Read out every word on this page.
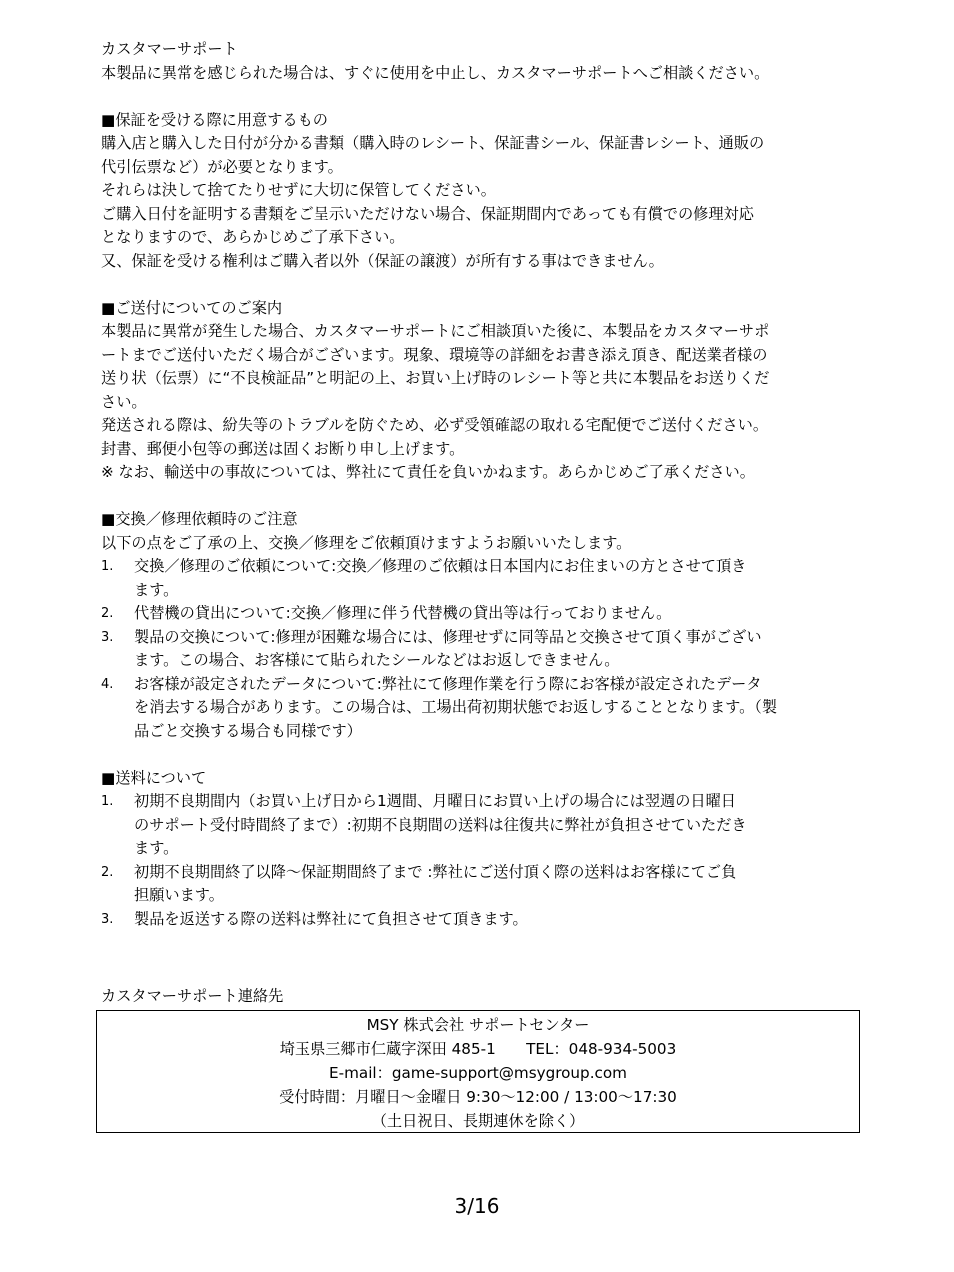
カスタマーサポート
本製品に異常を感じられた場合は、すぐに使用を中止し、カスタマーサポートへご相談ください。
■保証を受ける際に用意するもの
購入店と購入した日付が分かる書類（購入時のレシート、保証書シール、保証書レシート、通販の
代引伝票など）が必要となります。
それらは決して捨てたりせずに大切に保管してください。
ご購入日付を証明する書類をご呈示いただけない場合、保証期間内であっても有償での修理対応
となりますので、あらかじめご了承下さい。
又、保証を受ける権利はご購入者以外（保証の譲渡）が所有する事はできません。
■ご送付についてのご案内
本製品に異常が発生した場合、カスタマーサポートにご相談頂いた後に、本製品をカスタマーサポ
ートまでご送付いただく場合がございます。現象、環境等の詳細をお書き添え頂き、配送業者様の
送り状（伝票）に“不良検証品”と明記の上、お買い上げ時のレシート等と共に本製品をお送りくだ
さい。
発送される際は、紛失等のトラブルを防ぐため、必ず受領確認の取れる宅配便でご送付ください。
封書、郵便小包等の郵送は固くお断り申し上げます。
※ なお、輸送中の事故については、弊社にて責任を負いかねます。あらかじめご了承ください。
■交換／修理依頼時のご注意
以下の点をご了承の上、交換／修理をご依頼頂けますようお願いいたします。
1. 交換／修理のご依頼について:交換／修理のご依頼は日本国内にお住まいの方とさせて頂き
ます。
2. 代替機の貸出について:交換／修理に伴う代替機の貸出等は行っておりません。
3. 製品の交換について:修理が困難な場合には、修理せずに同等品と交換させて頂く事がござい
ます。この場合、お客様にて貼られたシールなどはお返しできません。
4. お客様が設定されたデータについて:弊社にて修理作業を行う際にお客様が設定されたデータ
を消去する場合があります。この場合は、工場出荷初期状態でお返しすることとなります。（製
品ごと交換する場合も同様です）
■送料について
1. 初期不良期間内（お買い上げ日から1週間、月曜日にお買い上げの場合には翌週の日曜日
のサポート受付時間終了まで）:初期不良期間の送料は往復共に弊社が負担させていただき
ます。
2. 初期不良期間終了以降～保証期間終了まで :弊社にご送付頂く際の送料はお客様にてご負
担願います。
3. 製品を返送する際の送料は弊社にて負担させて頂きます。
カスタマーサポート連絡先
MSY 株式会社 サポートセンター
埼玉県三郷市仁蔵字深田 485-1　　TEL：048-934-5003
E-mail：game-support@msygroup.com
受付時間：月曜日～金曜日 9:30～12:00 / 13:00～17:30
（土日祝日、長期連休を除く）
3/16
